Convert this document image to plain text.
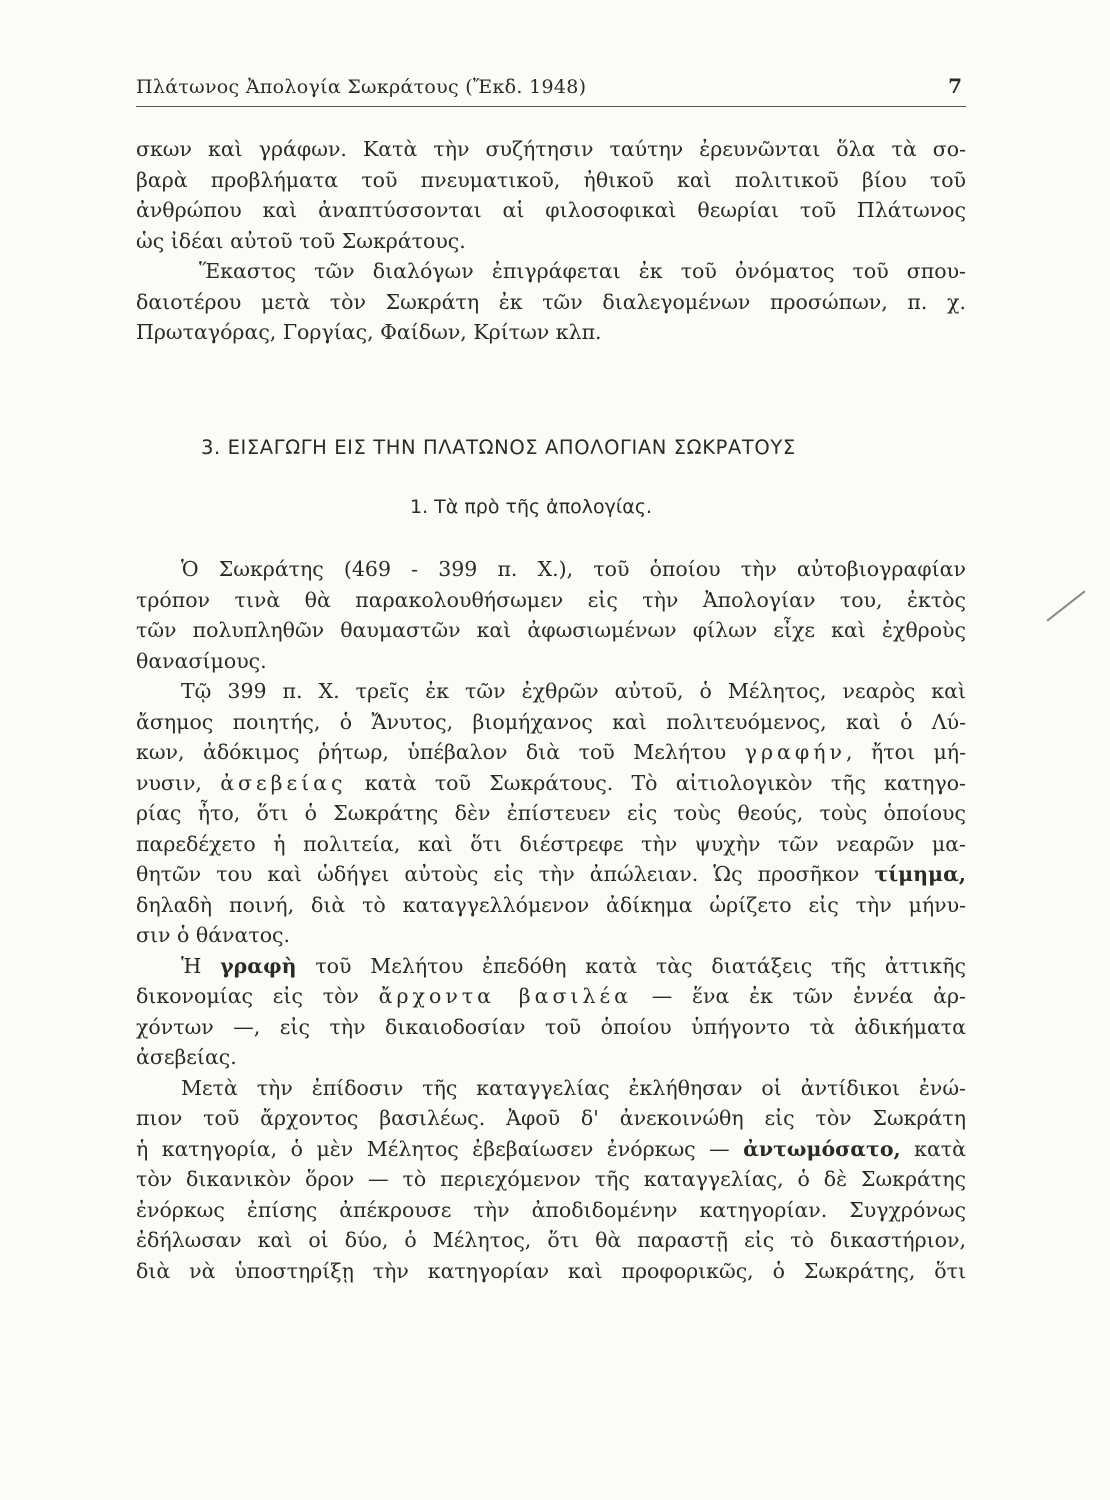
Πλάτωνος Ἀπολογία Σωκράτους (Ἔκδ. 1948)	7
σκων καὶ γράφων. Κατὰ τὴν συζήτησιν ταύτην ἐρευνῶνται ὅλα τὰ σο-
βαρὰ προβλήματα τοῦ πνευματικοῦ, ἠθικοῦ καὶ πολιτικοῦ βίου τοῦ
ἀνθρώπου καὶ ἀναπτύσσονται αἱ φιλοσοφικαὶ θεωρίαι τοῦ Πλάτωνος
ὡς ἰδέαι αὐτοῦ τοῦ Σωκράτους.
Ἕκαστος τῶν διαλόγων ἐπιγράφεται ἐκ τοῦ ὀνόματος τοῦ σπου-
δαιοτέρου μετὰ τὸν Σωκράτη ἐκ τῶν διαλεγομένων προσώπων, π. χ.
Πρωταγόρας, Γοργίας, Φαίδων, Κρίτων κλπ.
3. ΕΙΣΑΓΩΓΗ ΕΙΣ ΤΗΝ ΠΛΑΤΩΝΟΣ ΑΠΟΛΟΓΙΑΝ ΣΩΚΡΑΤΟΥΣ
1. Τὰ πρὸ τῆς ἀπολογίας.
Ὁ Σωκράτης (469 - 399 π. Χ.), τοῦ ὁποίου τὴν αὐτοβιογραφίαν
τρόπον τινὰ θὰ παρακολουθήσωμεν εἰς τὴν Ἀπολογίαν του, ἐκτὸς
τῶν πολυπληθῶν θαυμαστῶν καὶ ἀφωσιωμένων φίλων εἶχε καὶ ἐχθροὺς
θανασίμους.
Τῷ 399 π. Χ. τρεῖς ἐκ τῶν ἐχθρῶν αὐτοῦ, ὁ Μέλητος, νεαρὸς καὶ
ἄσημος ποιητής, ὁ Ἄνυτος, βιομήχανος καὶ πολιτευόμενος, καὶ ὁ Λύ-
κων, ἀδόκιμος ῥήτωρ, ὑπέβαλον διὰ τοῦ Μελήτου γραφήν, ἤτοι μή-
νυσιν, ἀσεβείας κατὰ τοῦ Σωκράτους. Τὸ αἰτιολογικὸν τῆς κατηγο-
ρίας ἦτο, ὅτι ὁ Σωκράτης δὲν ἐπίστευεν εἰς τοὺς θεούς, τοὺς ὁποίους
παρεδέχετο ἡ πολιτεία, καὶ ὅτι διέστρεφε τὴν ψυχὴν τῶν νεαρῶν μα-
θητῶν του καὶ ὡδήγει αὐτοὺς εἰς τὴν ἀπώλειαν. Ὡς προσῆκον τίμημα,
δηλαδὴ ποινή, διὰ τὸ καταγγελλόμενον ἀδίκημα ὡρίζετο εἰς τὴν μήνυ-
σιν ὁ θάνατος.
Ἡ γραφὴ τοῦ Μελήτου ἐπεδόθη κατὰ τὰς διατάξεις τῆς ἀττικῆς
δικονομίας εἰς τὸν ἄρχοντα βασιλέα — ἕνα ἐκ τῶν ἐννέα ἀρ-
χόντων —, εἰς τὴν δικαιοδοσίαν τοῦ ὁποίου ὑπήγοντο τὰ ἀδικήματα
ἀσεβείας.
Μετὰ τὴν ἐπίδοσιν τῆς καταγγελίας ἐκλήθησαν οἱ ἀντίδικοι ἐνώ-
πιον τοῦ ἄρχοντος βασιλέως. Ἀφοῦ δ' ἀνεκοινώθη εἰς τὸν Σωκράτη
ἡ κατηγορία, ὁ μὲν Μέλητος ἐβεβαίωσεν ἐνόρκως — ἀντωμόσατο, κατὰ
τὸν δικανικὸν ὅρον — τὸ περιεχόμενον τῆς καταγγελίας, ὁ δὲ Σωκράτης
ἐνόρκως ἐπίσης ἀπέκρουσε τὴν ἀποδιδομένην κατηγορίαν. Συγχρόνως
ἐδήλωσαν καὶ οἱ δύο, ὁ Μέλητος, ὅτι θὰ παραστῇ εἰς τὸ δικαστήριον,
διὰ νὰ ὑποστηρίξῃ τὴν κατηγορίαν καὶ προφορικῶς, ὁ Σωκράτης, ὅτι
